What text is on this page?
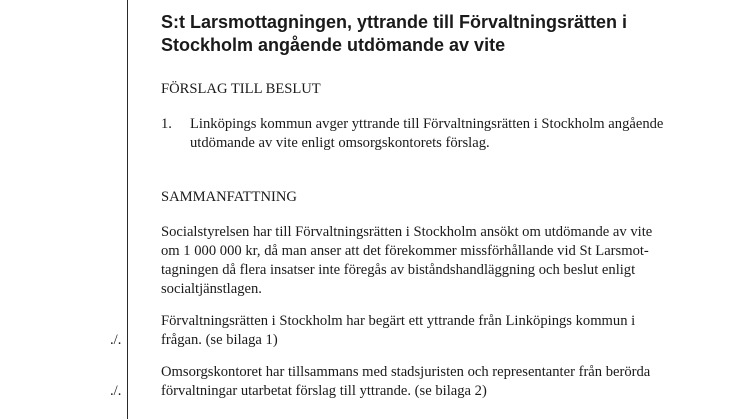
S:t Larsmottagningen, yttrande till Förvaltningsrätten i
Stockholm angående utdömande av vite

FÖRSLAG TILL BESLUT

1. Linköpings kommun avger yttrande till Förvaltningsrätten i Stockholm angående
utdömande av vite enligt omsorgskontorets förslag.

SAMMANFATTNING

Socialstyrelsen har till Förvaltningsrätten i Stockholm ansökt om utdömande av vite
om 1 000 000 kr, då man anser att det förekommer missförhållande vid St Larsmot-
tagningen då flera insatser inte föregås av biståndshandläggning och beslut enligt
socialtjänstlagen.

Förvaltningsrätten i Stockholm har begärt ett yttrande från Linköpings kommun i
frågan. (se bilaga 1)

./.

Omsorgskontoret har tillsammans med stadsjuristen och representanter från berörda
förvaltningar utarbetat förslag till yttrande. (se bilaga 2)

./.
